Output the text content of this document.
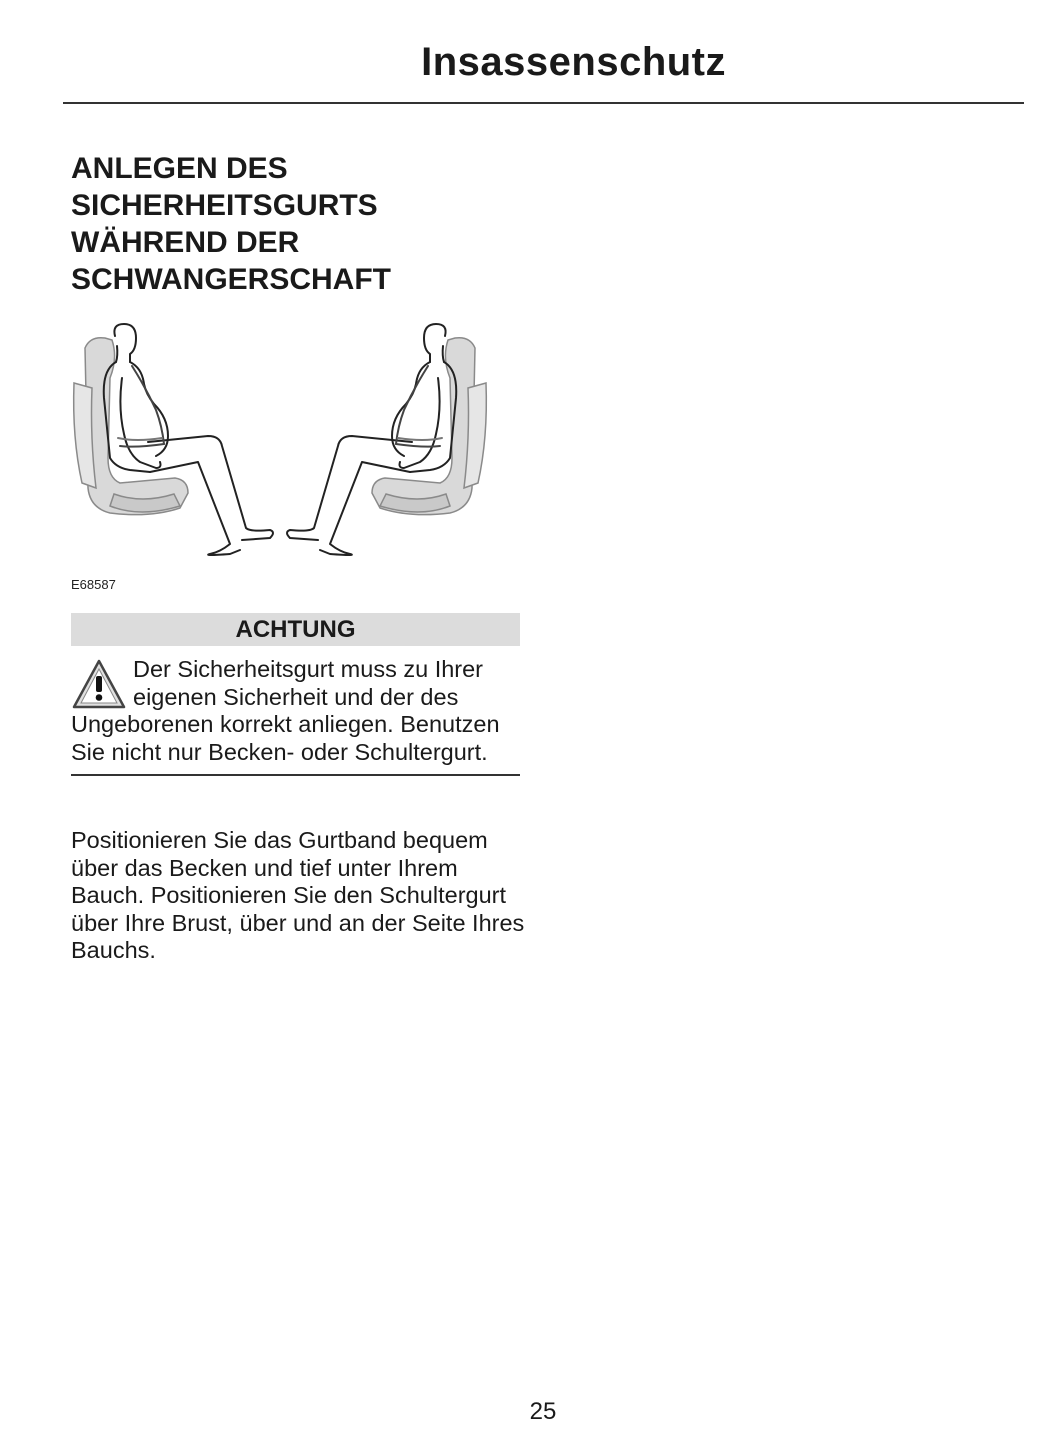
Insassenschutz
ANLEGEN DES SICHERHEITSGURTS WÄHREND DER SCHWANGERSCHAFT
E68587
ACHTUNG
Der Sicherheitsgurt muss zu Ihrer eigenen Sicherheit und der des Ungeborenen korrekt anliegen. Benutzen Sie nicht nur Becken- oder Schultergurt.

Positionieren Sie das Gurtband bequem über das Becken und tief unter Ihrem Bauch. Positionieren Sie den Schultergurt über Ihre Brust, über und an der Seite Ihres Bauchs.

25
